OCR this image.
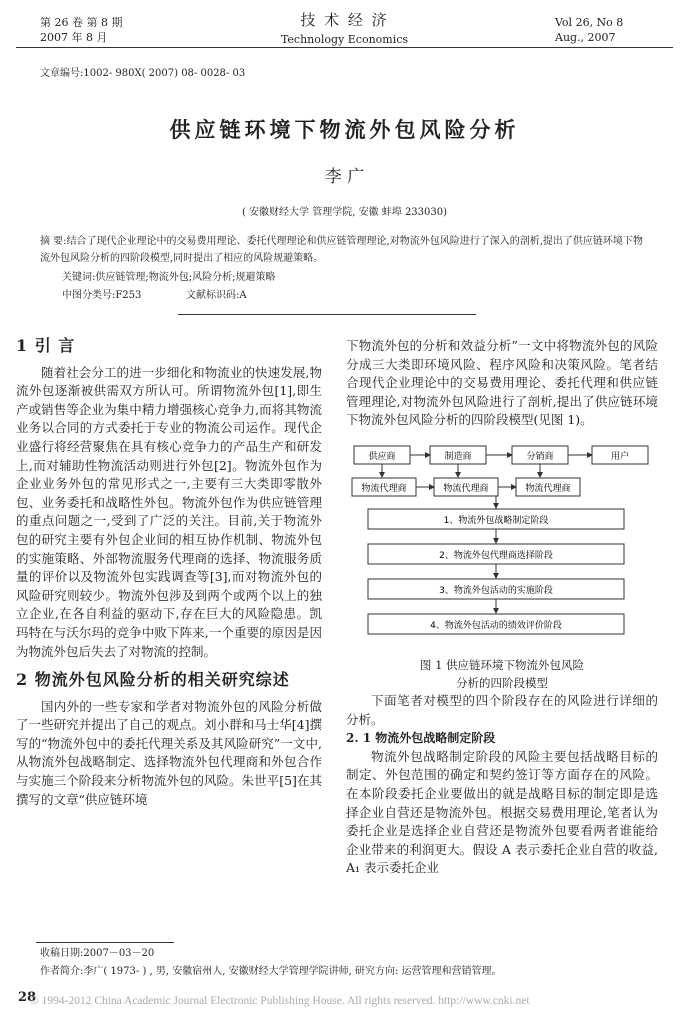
第 26 卷 第 8 期
2007 年 8 月
技 术 经 济
Technology Economics
Vol 26, No 8
Aug., 2007
文章编号:1002- 980X( 2007) 08- 0028- 03
供应链环境下物流外包风险分析
李 广
( 安徽财经大学 管理学院, 安徽 蚌埠 233030)
摘 要:结合了现代企业理论中的交易费用理论、委托代理理论和供应链管理理论,对物流外包风险进行了深入的剖析,提出了供应链环境下物流外包风险分析的四阶段模型,同时提出了相应的风险规避策略。
关键词:供应链管理;物流外包;风险分析;规避策略
中图分类号:F253	文献标识码:A

1 引 言

随着社会分工的进一步细化和物流业的快速发展,物流外包逐渐被供需双方所认可。所谓物流外包[1],即生产或销售等企业为集中精力增强核心竞争力,而将其物流业务以合同的方式委托于专业的物流公司运作。现代企业盛行将经营聚焦在具有核心竞争力的产品生产和研发上,而对辅助性物流活动则进行外包[2]。物流外包作为企业业务外包的常见形式之一,主要有三大类即零散外包、业务委托和战略性外包。物流外包作为供应链管理的重点问题之一,受到了广泛的关注。目前,关于物流外包的研究主要有外包企业间的相互协作机制、物流外包的实施策略、外部物流服务代理商的选择、物流服务质量的评价以及物流外包实践调查等[3],而对物流外包的风险研究则较少。物流外包涉及到两个或两个以上的独立企业,在各自利益的驱动下,存在巨大的风险隐患。凯玛特在与沃尔玛的竞争中败下阵来,一个重要的原因是因为物流外包后失去了对物流的控制。

2 物流外包风险分析的相关研究综述

国内外的一些专家和学者对物流外包的风险分析做了一些研究并提出了自己的观点。刘小群和马士华[4]撰写的“物流外包中的委托代理关系及其风险研究”一文中,从物流外包战略制定、选择物流外包代理商和外包合作与实施三个阶段来分析物流外包的风险。朱世平[5]在其撰写的文章“供应链环境

下物流外包的分析和效益分析”一文中将物流外包的风险分成三大类即环境风险、程序风险和决策风险。笔者结合现代企业理论中的交易费用理论、委托代理和供应链管理理论,对物流外包风险进行了剖析,提出了供应链环境下物流外包风险分析的四阶段模型(见图 1)。

供应商	制造商	分销商	用户
物流代理商	物流代理商	物流代理商
1、物流外包战略制定阶段
2、物流外包代理商选择阶段
3、物流外包活动的实施阶段
4、物流外包活动的绩效评价阶段

图 1 供应链环境下物流外包风险

分析的四阶段模型

下面笔者对模型的四个阶段存在的风险进行详细的分析。

2. 1 物流外包战略制定阶段

物流外包战略制定阶段的风险主要包括战略目标的制定、外包范围的确定和契约签订等方面存在的风险。在本阶段委托企业要做出的就是战略目标的制定即是选择企业自营还是物流外包。根据交易费用理论,笔者认为委托企业是选择企业自营还是物流外包要看两者谁能给企业带来的利润更大。假设 A 表示委托企业自营的收益, A₁ 表示委托企业

收稿日期:2007－03－20
作者简介:李广( 1973- ) , 男, 安徽宿州人, 安徽财经大学管理学院讲师, 研究方向: 运营管理和营销管理。
28
© 1994-2012 China Academic Journal Electronic Publishing House. All rights reserved. http://www.cnki.net
